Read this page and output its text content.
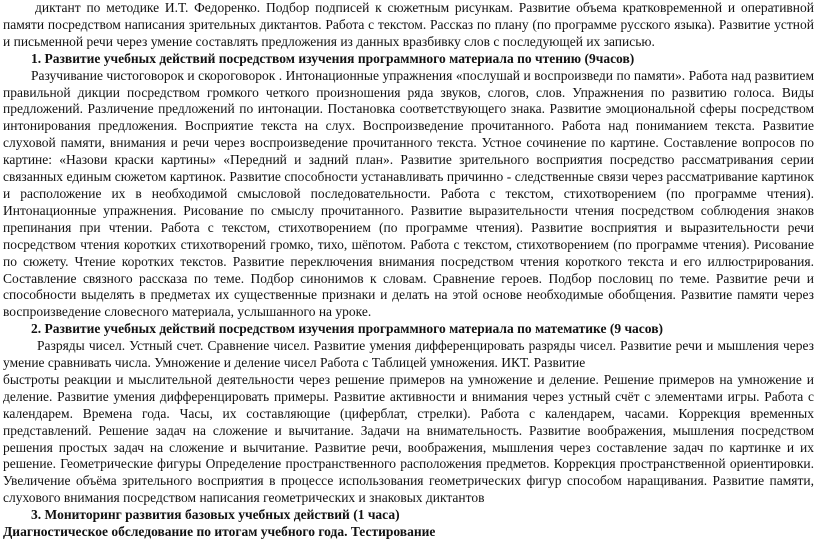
диктант по методике И.Т. Федоренко. Подбор подписей к сюжетным рисункам. Развитие объема кратковременной и оперативной памяти посредством написания зрительных диктантов. Работа с текстом. Рассказ по плану (по программе русского языка). Развитие устной и письменной речи через умение составлять предложения из данных вразбивку слов с последующей их записью.

1. Развитие учебных действий посредством изучения программного материала по чтению (9часов)

Разучивание чистоговорок и скороговорок . Интонационные упражнения «послушай и воспроизведи по памяти». Работа над развитием правильной дикции посредством громкого четкого произношения ряда звуков, слогов, слов. Упражнения по развитию голоса. Виды предложений. Различение предложений по интонации. Постановка соответствующего знака. Развитие эмоциональной сферы посредством интонирования предложения. Восприятие текста на слух. Воспроизведение прочитанного. Работа над пониманием текста. Развитие слуховой памяти, внимания и речи через воспроизведение прочитанного текста. Устное сочинение по картине. Составление вопросов по картине: «Назови краски картины» «Передний и задний план». Развитие зрительного восприятия посредство рассматривания серии связанных единым сюжетом картинок. Развитие способности устанавливать причинно - следственные связи через рассматривание картинок и расположение их в необходимой смысловой последовательности. Работа с текстом, стихотворением (по программе чтения). Интонационные упражнения. Рисование по смыслу прочитанного. Развитие выразительности чтения посредством соблюдения знаков препинания при чтении. Работа с текстом, стихотворением (по программе чтения). Развитие восприятия и выразительности речи посредством чтения коротких стихотворений громко, тихо, шёпотом. Работа с текстом, стихотворением (по программе чтения). Рисование по сюжету. Чтение коротких текстов. Развитие переключения внимания посредством чтения короткого текста и его иллюстрирования. Составление связного рассказа по теме. Подбор синонимов к словам. Сравнение героев. Подбор пословиц по теме. Развитие речи и способности выделять в предметах их существенные признаки и делать на этой основе необходимые обобщения. Развитие памяти через воспроизведение словесного материала, услышанного на уроке.

2. Развитие учебных действий посредством изучения программного материала по математике (9 часов)

Разряды чисел. Устный счет. Сравнение чисел. Развитие умения дифференцировать разряды чисел. Развитие речи и мышления через умение сравнивать числа. Умножение и деление чисел Работа с Таблицей умножения. ИКТ. Развитие

быстроты реакции и мыслительной деятельности через решение примеров на умножение и деление. Решение примеров на умножение и деление. Развитие умения дифференцировать примеры. Развитие активности и внимания через устный счёт с элементами игры. Работа с календарем. Времена года. Часы, их составляющие (циферблат, стрелки). Работа с календарем, часами. Коррекция временных представлений. Решение задач на сложение и вычитание. Задачи на внимательность. Развитие воображения, мышления посредством решения простых задач на сложение и вычитание. Развитие речи, воображения, мышления через составление задач по картинке и их решение. Геометрические фигуры Определение пространственного расположения предметов. Коррекция пространственной ориентировки. Увеличение объёма зрительного восприятия в процессе использования геометрических фигур способом наращивания. Развитие памяти, слухового внимания посредством написания геометрических и знаковых диктантов

3. Мониторинг развития базовых учебных действий (1 часа)

Диагностическое обследование по итогам учебного года. Тестирование
